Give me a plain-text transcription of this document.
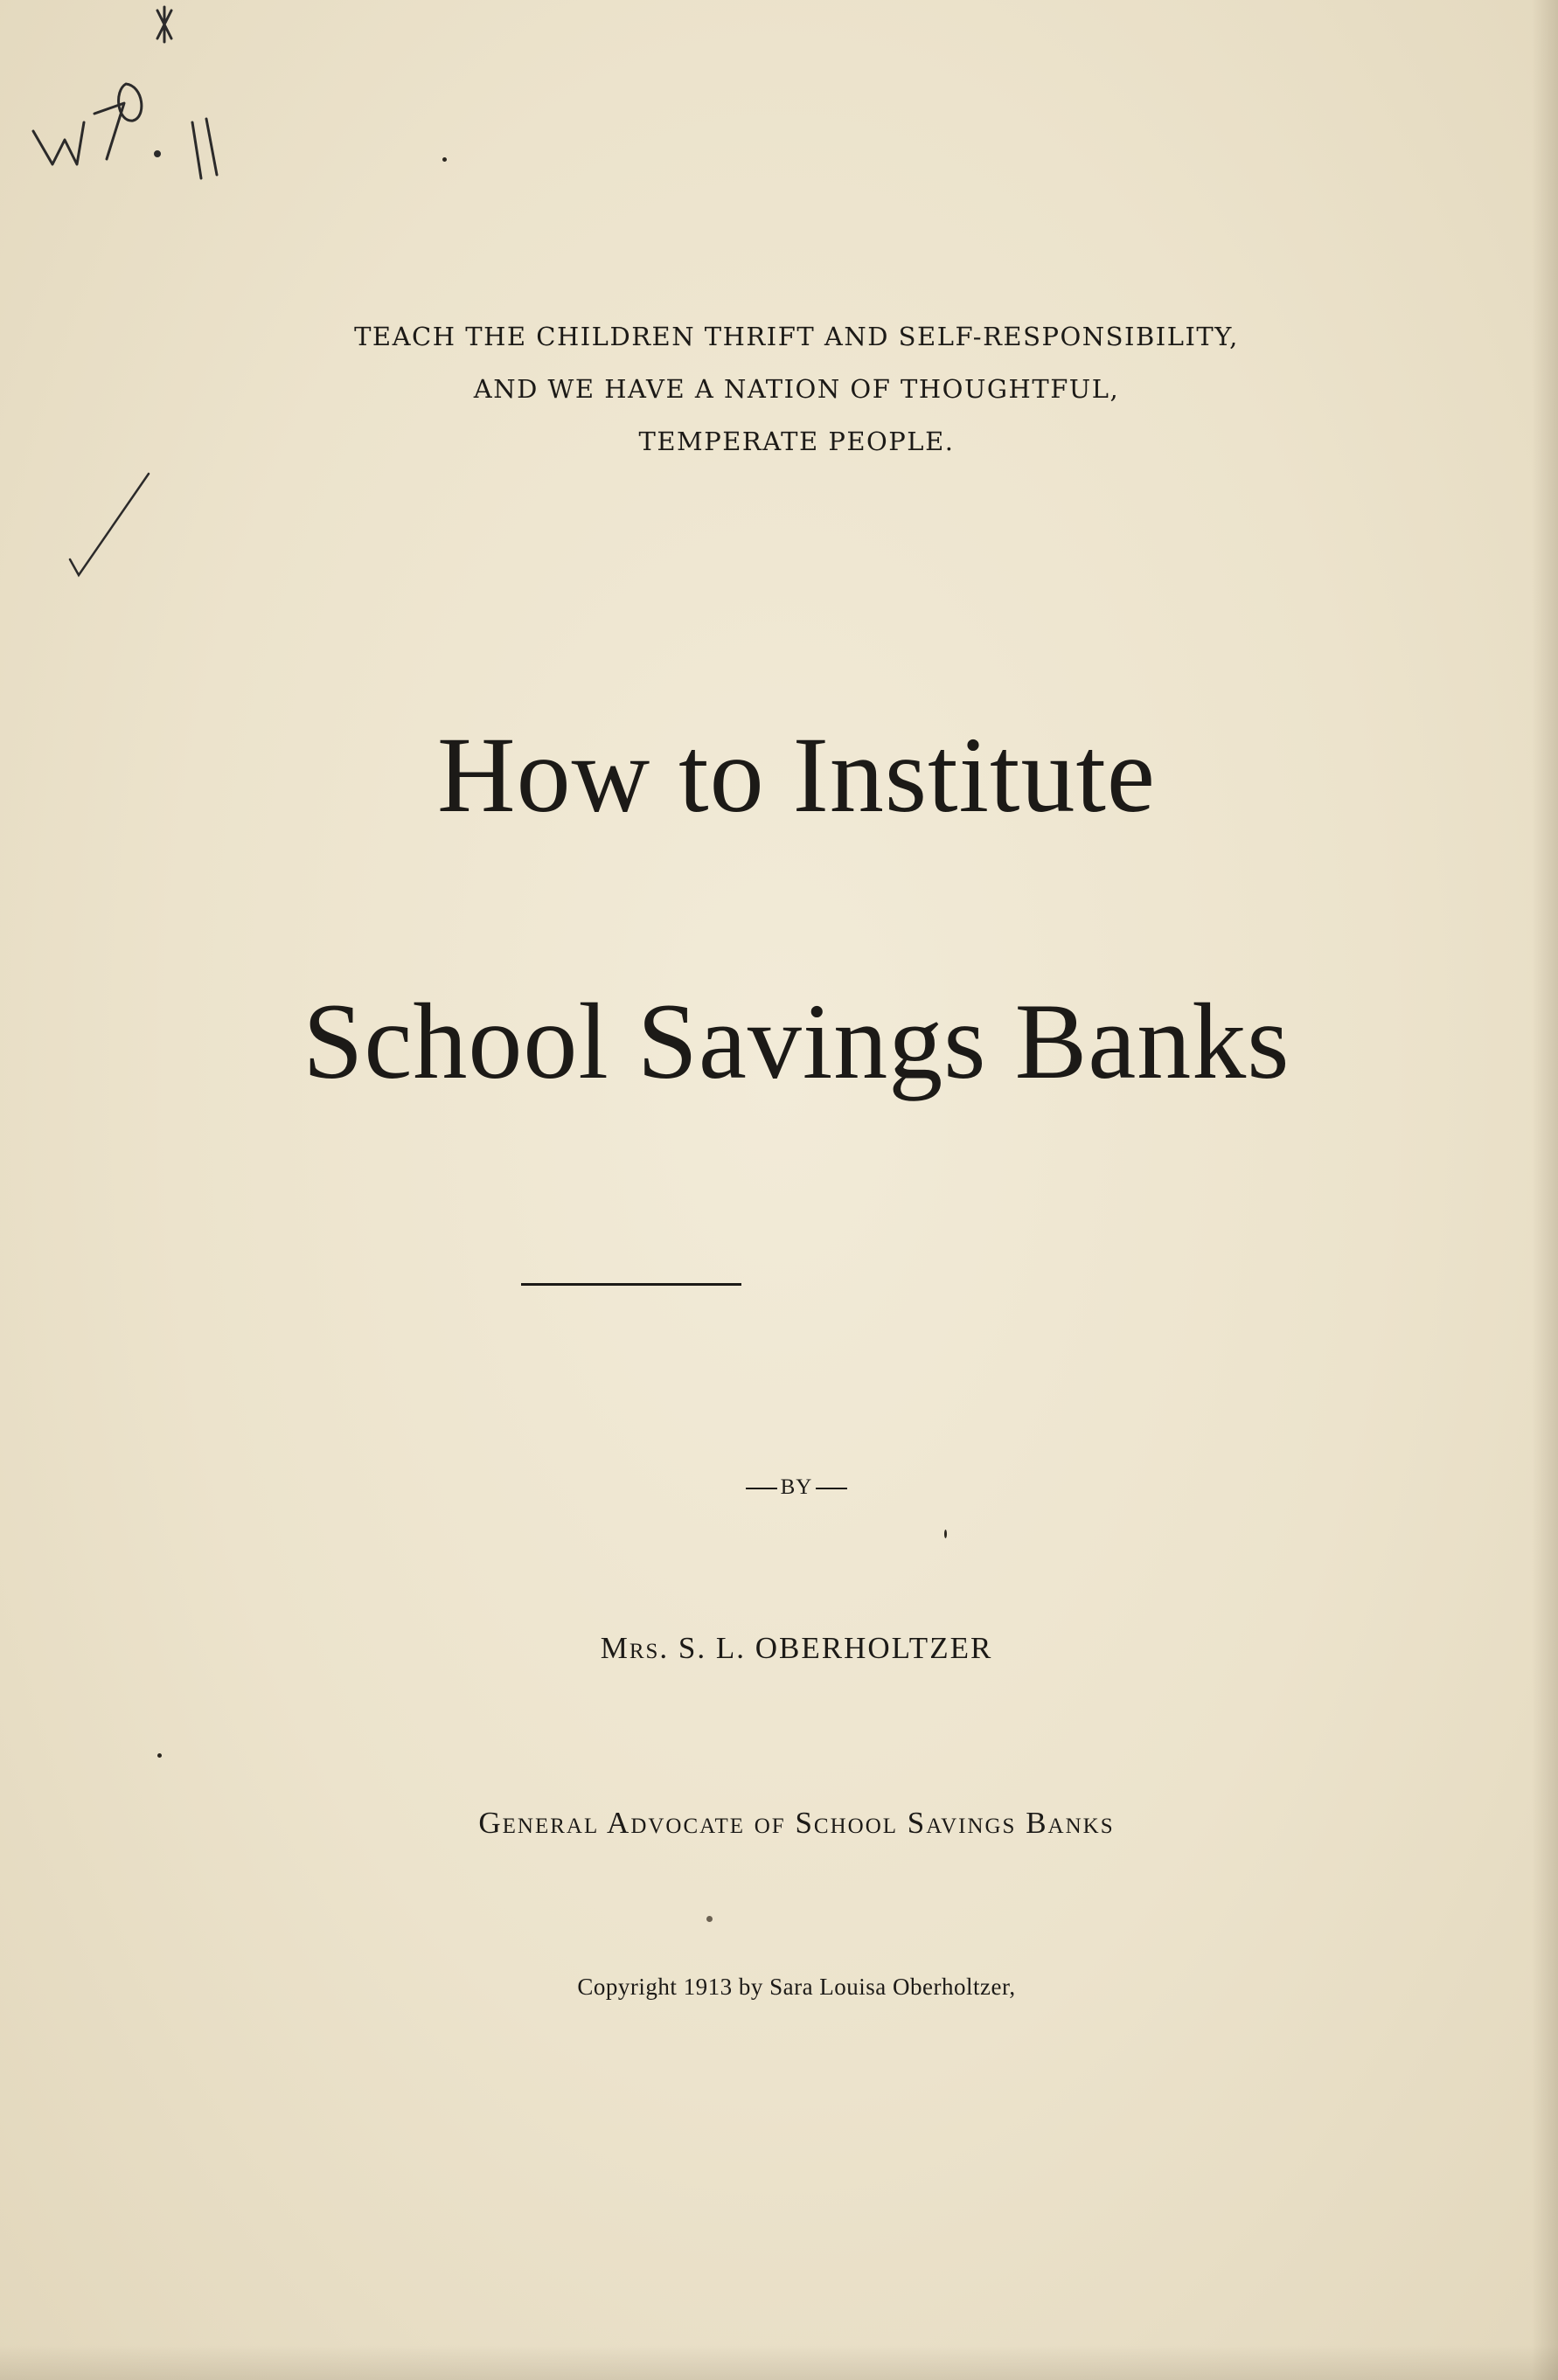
TEACH THE CHILDREN THRIFT AND SELF-RESPONSIBILITY,
AND WE HAVE A NATION OF THOUGHTFUL,
TEMPERATE PEOPLE.
How to Institute
School Savings Banks
BY
Mrs. S. L. OBERHOLTZER
General Advocate of School Savings Banks
Copyright 1913 by Sara Louisa Oberholtzer,
